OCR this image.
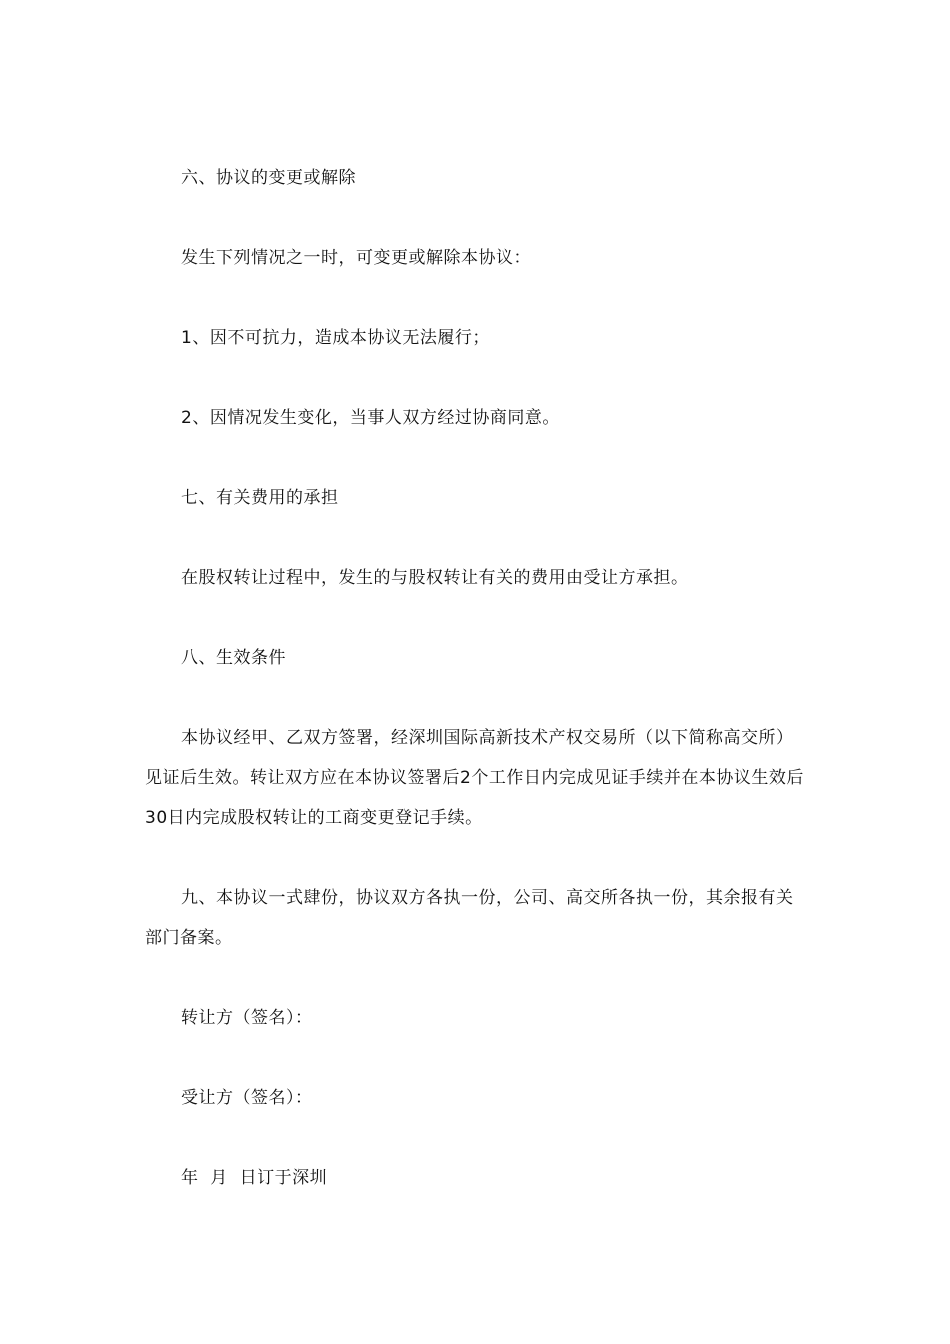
六、协议的变更或解除

发生下列情况之一时，可变更或解除本协议：

1、因不可抗力，造成本协议无法履行；

2、因情况发生变化，当事人双方经过协商同意。

七、有关费用的承担

在股权转让过程中，发生的与股权转让有关的费用由受让方承担。

八、生效条件

本协议经甲、乙双方签署，经深圳国际高新技术产权交易所（以下简称高交所）见证后生效。转让双方应在本协议签署后2个工作日内完成见证手续并在本协议生效后30日内完成股权转让的工商变更登记手续。

九、本协议一式肆份，协议双方各执一份，公司、高交所各执一份，其余报有关部门备案。

转让方（签名）：

受让方（签名）：

年  月  日订于深圳
